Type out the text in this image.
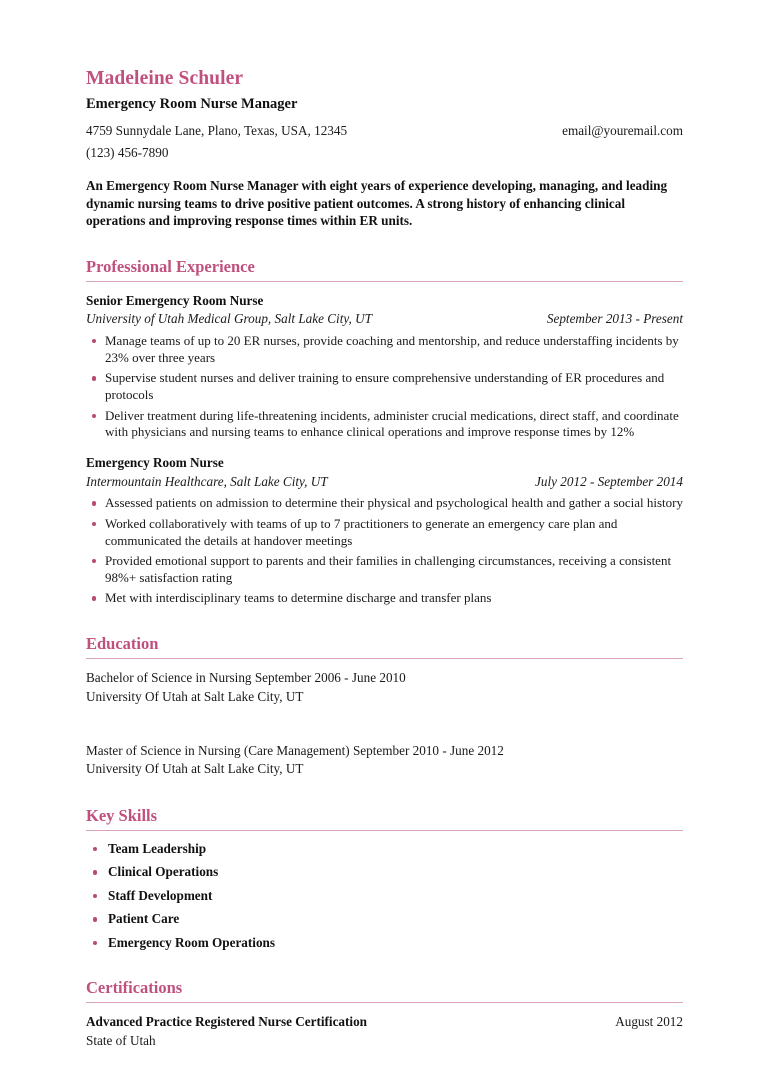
Madeleine Schuler
Emergency Room Nurse Manager
4759 Sunnydale Lane, Plano, Texas, USA, 12345	email@youremail.com
(123) 456-7890

An Emergency Room Nurse Manager with eight years of experience developing, managing, and leading dynamic nursing teams to drive positive patient outcomes. A strong history of enhancing clinical operations and improving response times within ER units.

Professional Experience
Senior Emergency Room Nurse
University of Utah Medical Group, Salt Lake City, UT	September 2013 - Present
Manage teams of up to 20 ER nurses, provide coaching and mentorship, and reduce understaffing incidents by 23% over three years
Supervise student nurses and deliver training to ensure comprehensive understanding of ER procedures and protocols
Deliver treatment during life-threatening incidents, administer crucial medications, direct staff, and coordinate with physicians and nursing teams to enhance clinical operations and improve response times by 12%
Emergency Room Nurse
Intermountain Healthcare, Salt Lake City, UT	July 2012 - September 2014
Assessed patients on admission to determine their physical and psychological health and gather a social history
Worked collaboratively with teams of up to 7 practitioners to generate an emergency care plan and communicated the details at handover meetings
Provided emotional support to parents and their families in challenging circumstances, receiving a consistent 98%+ satisfaction rating
Met with interdisciplinary teams to determine discharge and transfer plans
Education
Bachelor of Science in Nursing September 2006 - June 2010
University Of Utah at Salt Lake City, UT
Master of Science in Nursing (Care Management) September 2010 - June 2012
University Of Utah at Salt Lake City, UT
Key Skills
Team Leadership
Clinical Operations
Staff Development
Patient Care
Emergency Room Operations
Certifications
Advanced Practice Registered Nurse Certification	August 2012
State of Utah
